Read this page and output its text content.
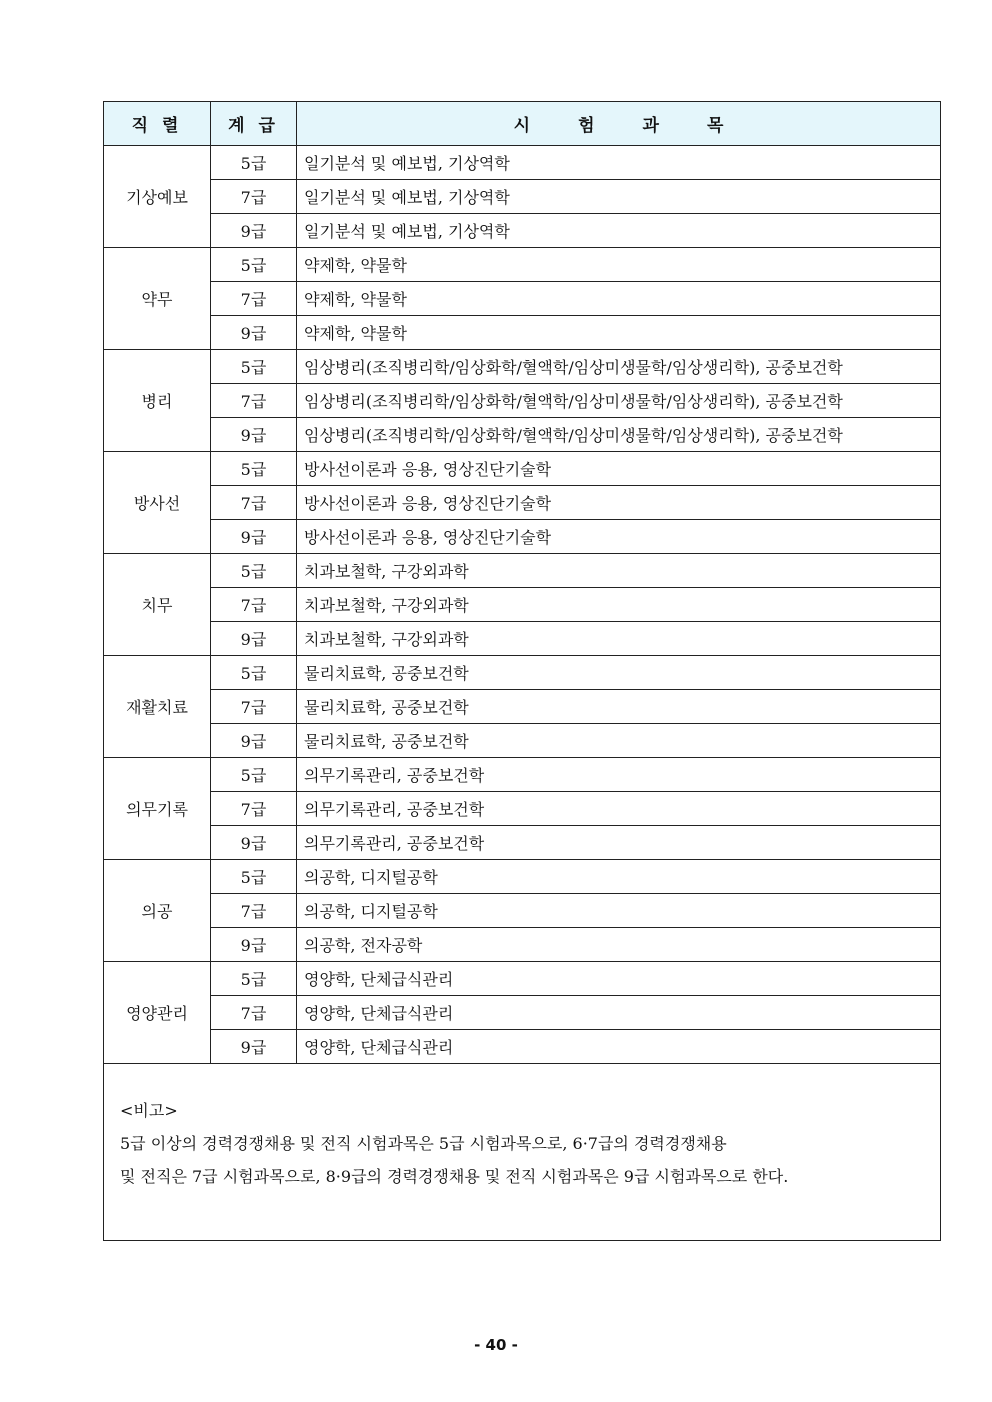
직 렬	계 급	시 험 과 목
기상예보	5급	일기분석 및 예보법, 기상역학
	7급	일기분석 및 예보법, 기상역학
	9급	일기분석 및 예보법, 기상역학
약무	5급	약제학, 약물학
	7급	약제학, 약물학
	9급	약제학, 약물학
병리	5급	임상병리(조직병리학/임상화학/혈액학/임상미생물학/임상생리학), 공중보건학
	7급	임상병리(조직병리학/임상화학/혈액학/임상미생물학/임상생리학), 공중보건학
	9급	임상병리(조직병리학/임상화학/혈액학/임상미생물학/임상생리학), 공중보건학
방사선	5급	방사선이론과 응용, 영상진단기술학
	7급	방사선이론과 응용, 영상진단기술학
	9급	방사선이론과 응용, 영상진단기술학
치무	5급	치과보철학, 구강외과학
	7급	치과보철학, 구강외과학
	9급	치과보철학, 구강외과학
재활치료	5급	물리치료학, 공중보건학
	7급	물리치료학, 공중보건학
	9급	물리치료학, 공중보건학
의무기록	5급	의무기록관리, 공중보건학
	7급	의무기록관리, 공중보건학
	9급	의무기록관리, 공중보건학
의공	5급	의공학, 디지털공학
	7급	의공학, 디지털공학
	9급	의공학, 전자공학
영양관리	5급	영양학, 단체급식관리
	7급	영양학, 단체급식관리
	9급	영양학, 단체급식관리

<비고>
5급 이상의 경력경쟁채용 및 전직 시험과목은 5급 시험과목으로, 6·7급의 경력경쟁채용
및 전직은 7급 시험과목으로, 8·9급의 경력경쟁채용 및 전직 시험과목은 9급 시험과목으로 한다.		
- 40 -
